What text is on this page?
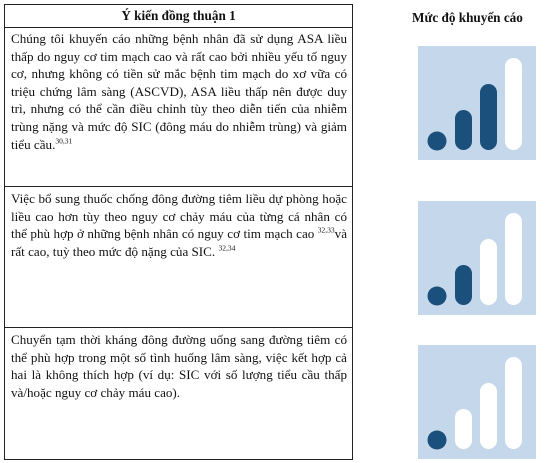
Ý kiến đồng thuận 1
Chúng tôi khuyến cáo những bệnh nhân đã sử dụng ASA liều thấp do nguy cơ tim mạch cao và rất cao bởi nhiều yếu tố nguy cơ, nhưng không có tiền sử mắc bệnh tim mạch do xơ vữa có triệu chứng lâm sàng (ASCVD), ASA liều thấp nên được duy trì, nhưng có thể cần điều chỉnh tùy theo diễn tiến của nhiễm trùng nặng và mức độ SIC (đông máu do nhiễm trùng) và giảm tiểu cầu.$^{30,31}$
Việc bổ sung thuốc chống đông đường tiêm liều dự phòng hoặc liều cao hơn tùy theo nguy cơ chảy máu của từng cá nhân có thể phù hợp ở những bệnh nhân có nguy cơ tim mạch cao $^{32,33}$và rất cao, tuỳ theo mức độ nặng của SIC. $^{32,34}$
Chuyển tạm thời kháng đông đường uống sang đường tiêm có thể phù hợp trong một số tình huống lâm sàng, việc kết hợp cả hai là không thích hợp (ví dụ: SIC với số lượng tiểu cầu thấp và/hoặc nguy cơ chảy máu cao).
Mức độ khuyến cáo
